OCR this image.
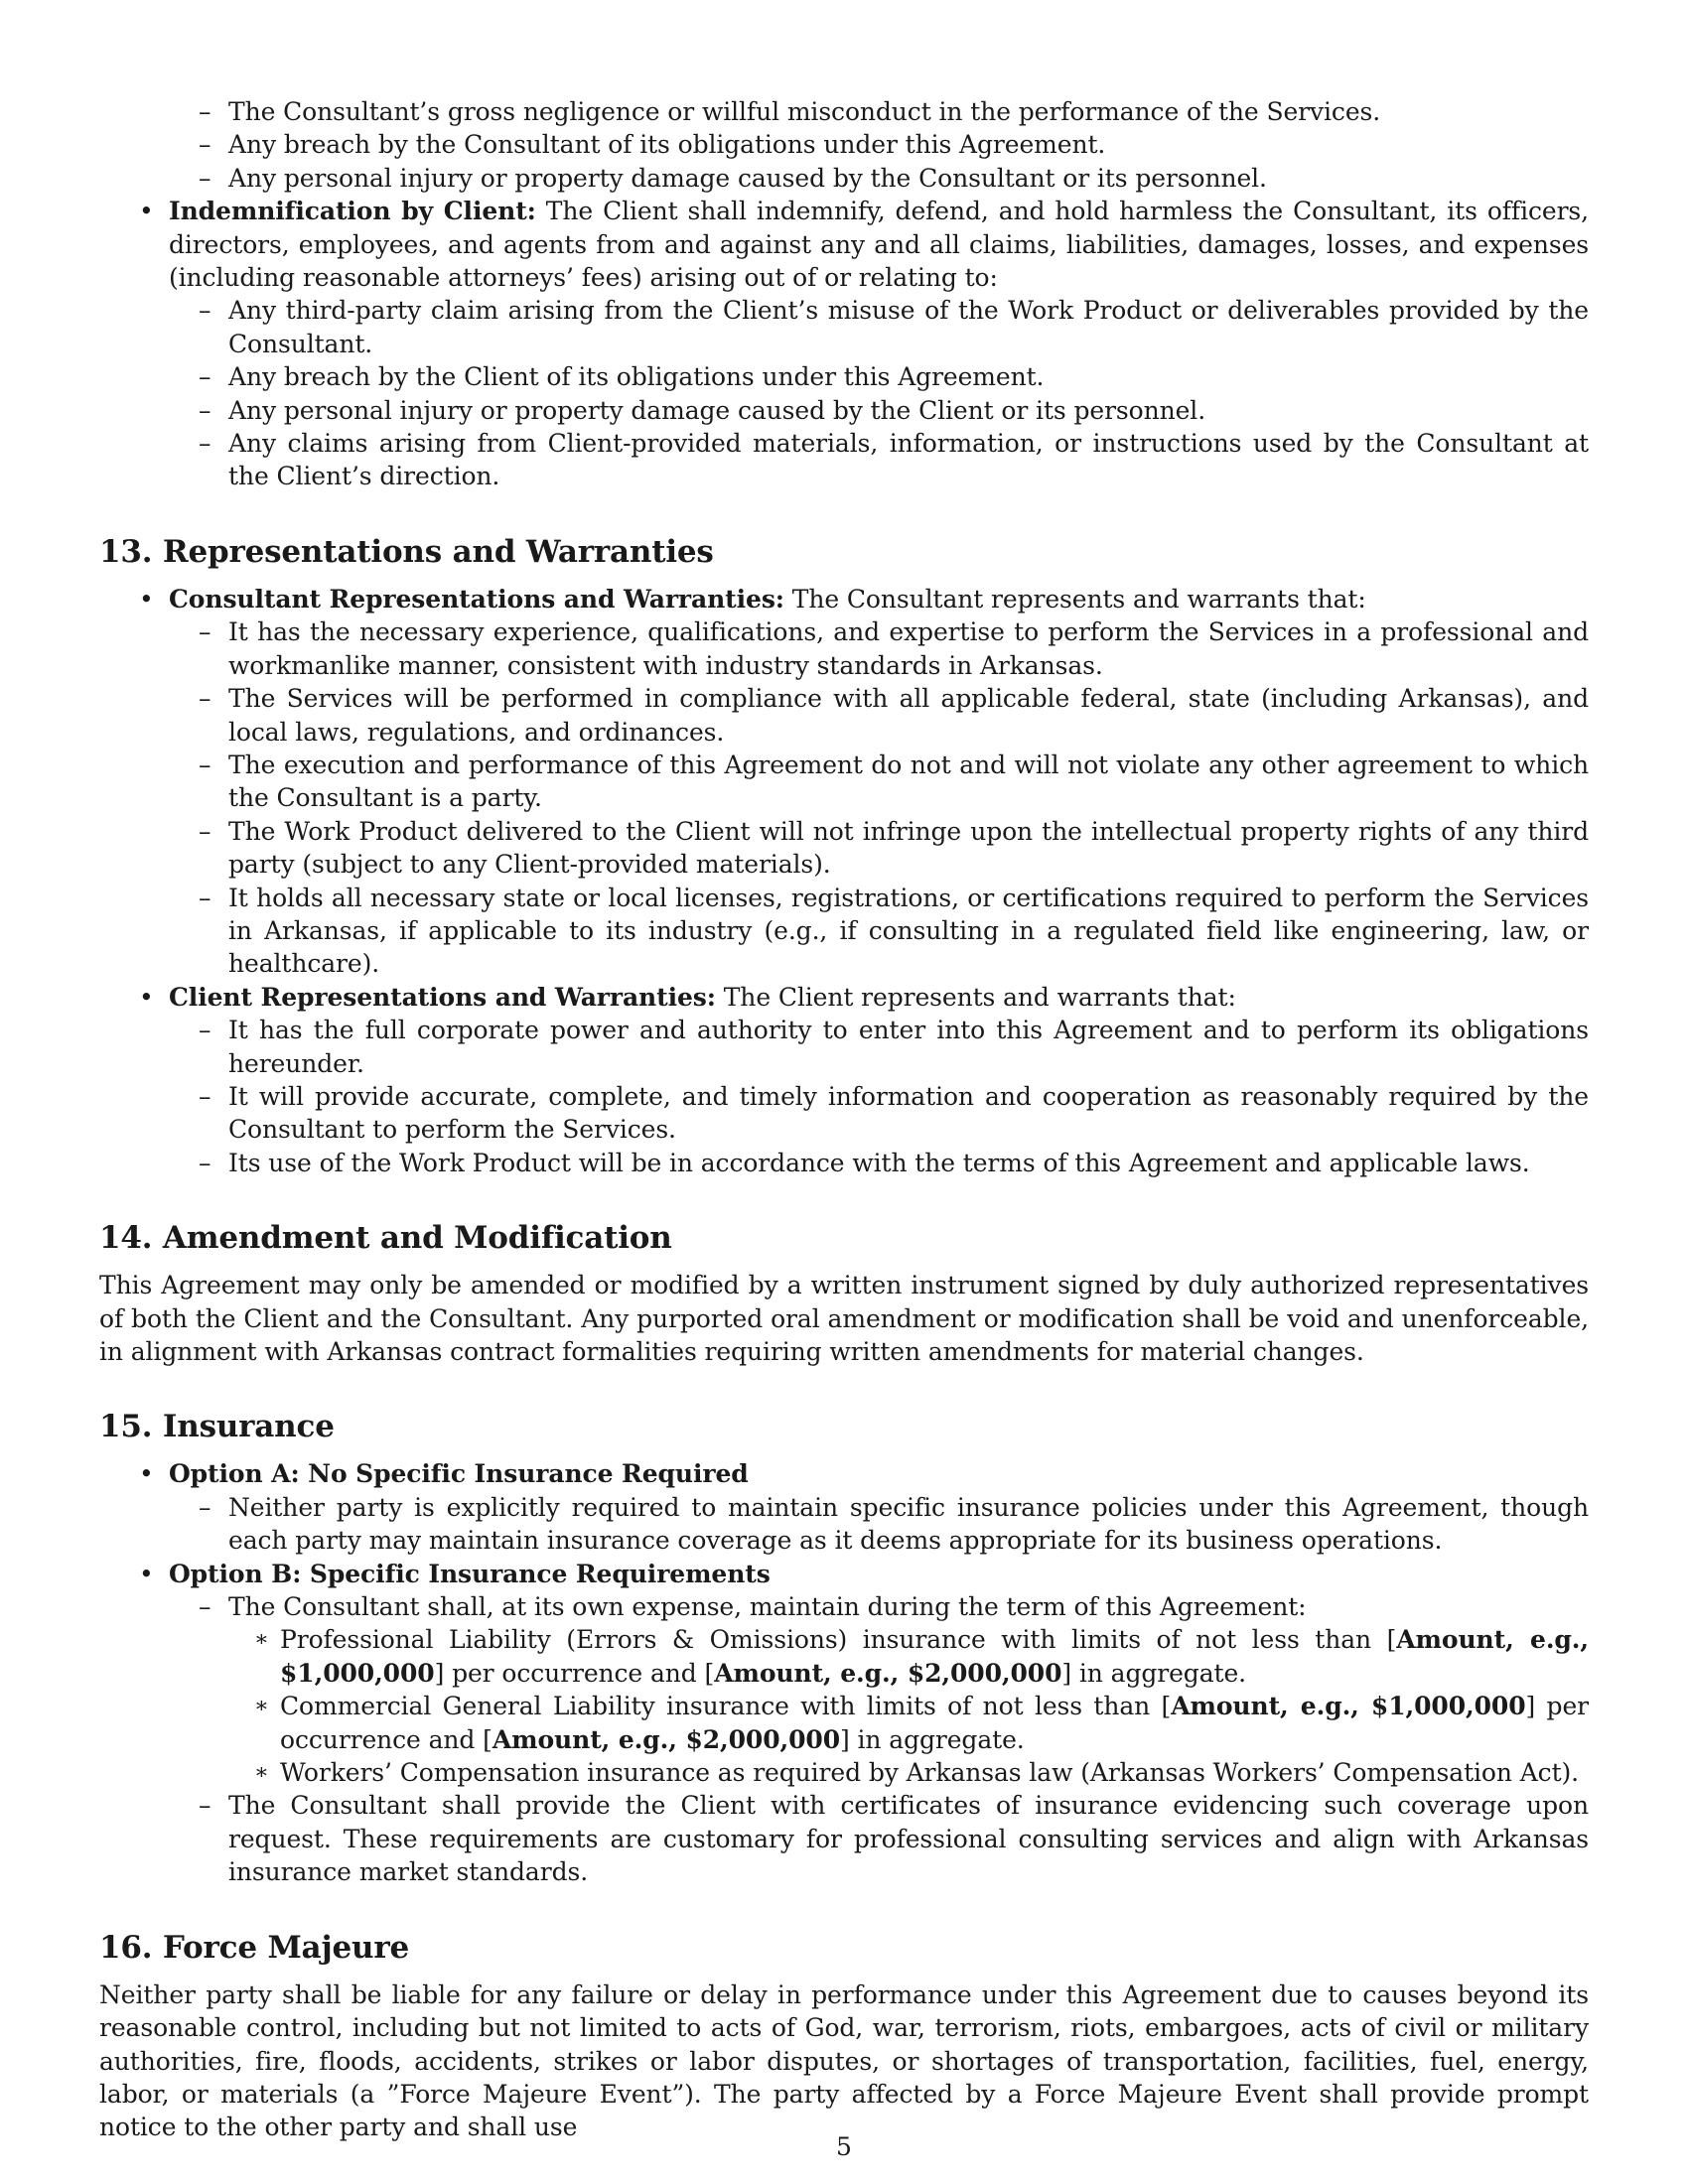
– The Consultant’s gross negligence or willful misconduct in the performance of the Services.
– Any breach by the Consultant of its obligations under this Agreement.
– Any personal injury or property damage caused by the Consultant or its personnel.
• Indemnification by Client: The Client shall indemnify, defend, and hold harmless the Consultant, its officers, directors, employees, and agents from and against any and all claims, liabilities, damages, losses, and expenses (including reasonable attorneys’ fees) arising out of or relating to:
– Any third-party claim arising from the Client’s misuse of the Work Product or deliverables provided by the Consultant.
– Any breach by the Client of its obligations under this Agreement.
– Any personal injury or property damage caused by the Client or its personnel.
– Any claims arising from Client-provided materials, information, or instructions used by the Consultant at the Client’s direction.
13. Representations and Warranties
• Consultant Representations and Warranties: The Consultant represents and warrants that:
– It has the necessary experience, qualifications, and expertise to perform the Services in a professional and workmanlike manner, consistent with industry standards in Arkansas.
– The Services will be performed in compliance with all applicable federal, state (including Arkansas), and local laws, regulations, and ordinances.
– The execution and performance of this Agreement do not and will not violate any other agreement to which the Consultant is a party.
– The Work Product delivered to the Client will not infringe upon the intellectual property rights of any third party (subject to any Client-provided materials).
– It holds all necessary state or local licenses, registrations, or certifications required to perform the Services in Arkansas, if applicable to its industry (e.g., if consulting in a regulated field like engineering, law, or healthcare).
• Client Representations and Warranties: The Client represents and warrants that:
– It has the full corporate power and authority to enter into this Agreement and to perform its obligations hereunder.
– It will provide accurate, complete, and timely information and cooperation as reasonably required by the Consultant to perform the Services.
– Its use of the Work Product will be in accordance with the terms of this Agreement and applicable laws.
14. Amendment and Modification

This Agreement may only be amended or modified by a written instrument signed by duly authorized representatives of both the Client and the Consultant. Any purported oral amendment or modification shall be void and unenforceable, in alignment with Arkansas contract formalities requiring written amendments for material changes.

15. Insurance
• Option A: No Specific Insurance Required
– Neither party is explicitly required to maintain specific insurance policies under this Agreement, though each party may maintain insurance coverage as it deems appropriate for its business operations.
• Option B: Specific Insurance Requirements
– The Consultant shall, at its own expense, maintain during the term of this Agreement:
∗ Professional Liability (Errors & Omissions) insurance with limits of not less than [Amount, e.g., $1,000,000] per occurrence and [Amount, e.g., $2,000,000] in aggregate.
∗ Commercial General Liability insurance with limits of not less than [Amount, e.g., $1,000,000] per occurrence and [Amount, e.g., $2,000,000] in aggregate.
∗ Workers’ Compensation insurance as required by Arkansas law (Arkansas Workers’ Compensation Act).
– The Consultant shall provide the Client with certificates of insurance evidencing such coverage upon request. These requirements are customary for professional consulting services and align with Arkansas insurance market standards.
16. Force Majeure

Neither party shall be liable for any failure or delay in performance under this Agreement due to causes beyond its reasonable control, including but not limited to acts of God, war, terrorism, riots, embargoes, acts of civil or military authorities, fire, floods, accidents, strikes or labor disputes, or shortages of transportation, facilities, fuel, energy, labor, or materials (a ”Force Majeure Event”). The party affected by a Force Majeure Event shall provide prompt notice to the other party and shall use

5
